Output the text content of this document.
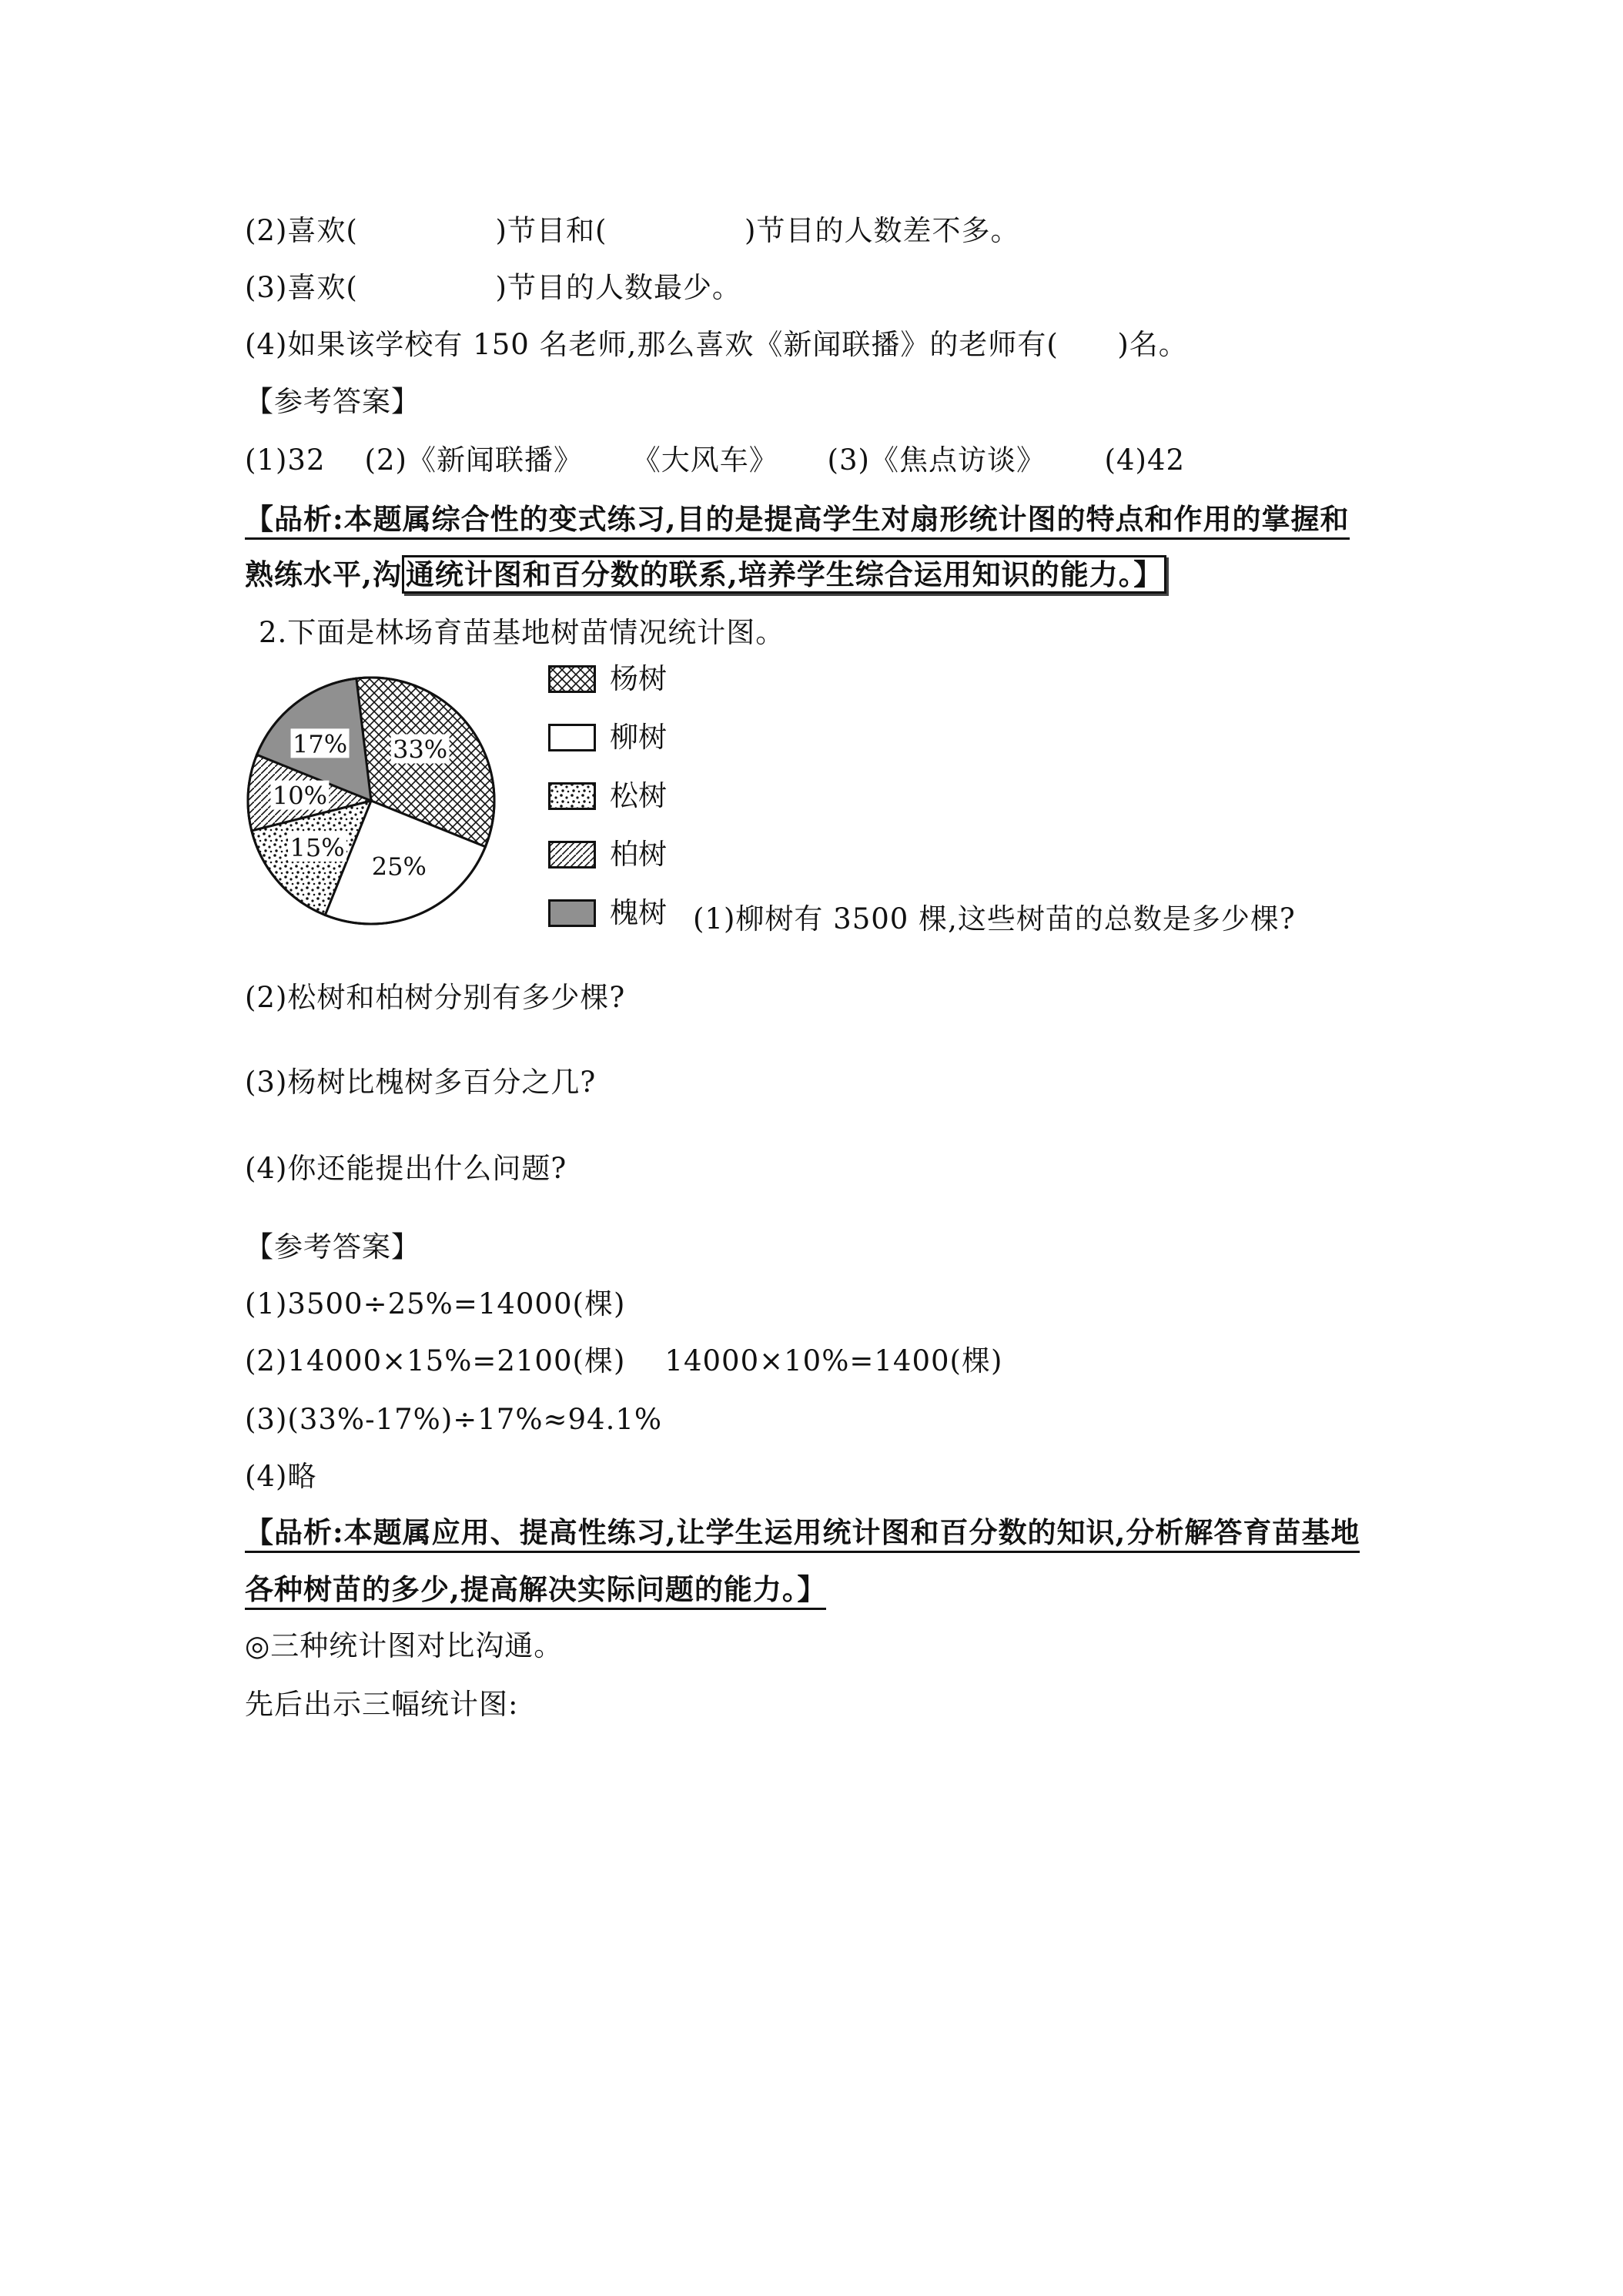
(2)喜欢(              )节目和(              )节目的人数差不多。
(3)喜欢(              )节目的人数最少。
(4)如果该学校有 150 名老师,那么喜欢《新闻联播》的老师有(      )名。
【参考答案】
(1)32    (2)《新闻联播》     《大风车》     (3)《焦点访谈》      (4)42
【品析:本题属综合性的变式练习,目的是提高学生对扇形统计图的特点和作用的掌握和
熟练水平,沟 通统计图和百分数的联系,培养学生综合运用知识的能力。】
2.下面是林场育苗基地树苗情况统计图。
33%
25%
15%
10%
17%
杨树
柳树
松树
柏树
槐树 (1)柳树有 3500 棵,这些树苗的总数是多少棵?
(2)松树和柏树分别有多少棵?
(3)杨树比槐树多百分之几?
(4)你还能提出什么问题?
【参考答案】
(1)3500÷25%=14000(棵)
(2)14000×15%=2100(棵)    14000×10%=1400(棵)
(3)(33%-17%)÷17%≈94.1%
(4)略
【品析:本题属应用、提高性练习,让学生运用统计图和百分数的知识,分析解答育苗基地
各种树苗的多少,提高解决实际问题的能力。】
◎三种统计图对比沟通。
先后出示三幅统计图:
